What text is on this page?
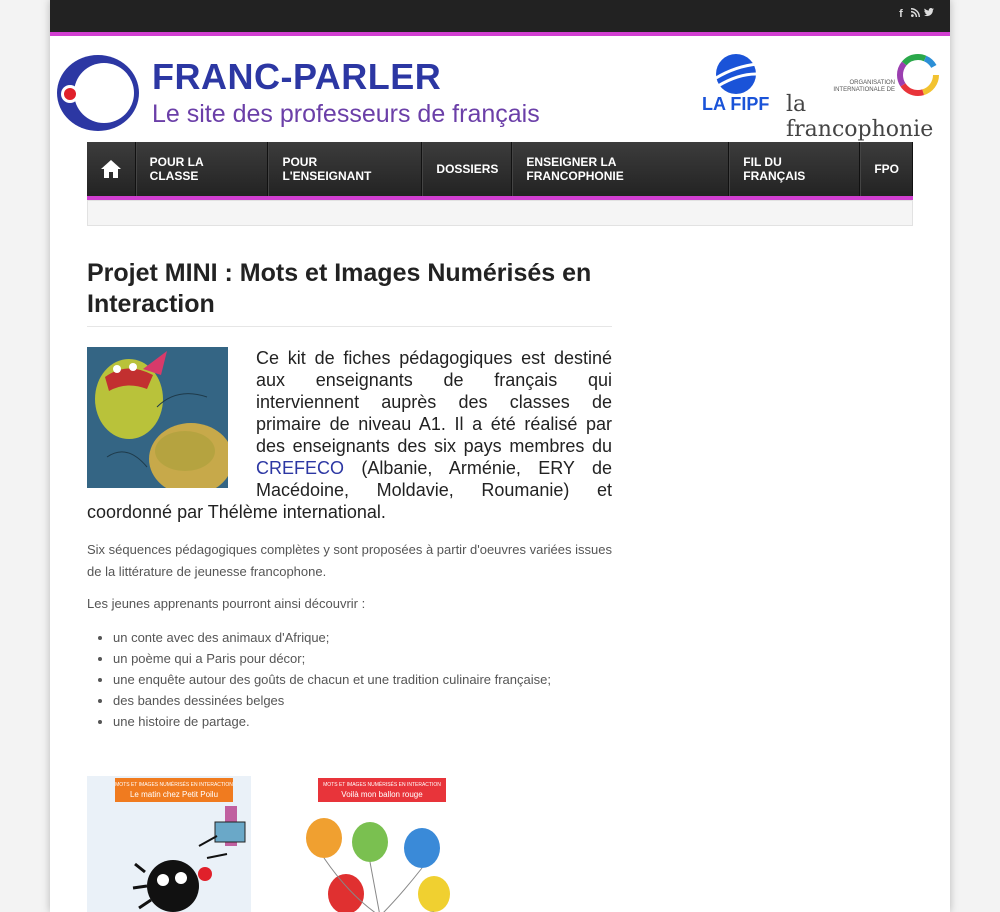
f
FRANC-PARLER
Le site des professeurs de français	LA FIPF
ORGANISATION INTERNATIONALE DE
la francophonie
POUR LA CLASSE
POUR L'ENSEIGNANT	DOSSIERS	ENSEIGNER LA FRANCOPHONIE
FIL DU FRANÇAIS	FPO
Projet MINI : Mots et Images Numérisés en Interaction
Ce kit de fiches pédagogiques est destiné aux enseignants de français qui interviennent auprès des classes de primaire de niveau A1. Il a été réalisé par des enseignants des six pays membres du CREFECO (Albanie, Arménie, ERY de Macédoine, Moldavie, Roumanie) et coordonné par Thélème international.

Six séquences pédagogiques complètes y sont proposées à partir d'oeuvres variées issues de la littérature de jeunesse francophone.

Les jeunes apprenants pourront ainsi découvrir :

• un conte avec des animaux d'Afrique;
• un poème qui a Paris pour décor;
• une enquête autour des goûts de chacun et une tradition culinaire française;
• des bandes dessinées belges
• une histoire de partage.
MOTS ET IMAGES NUMÉRISÉS EN INTERACTION
Le matin chez Petit Poilu
MOTS ET IMAGES NUMÉRISÉS EN INTERACTION
Voilà mon ballon rouge
